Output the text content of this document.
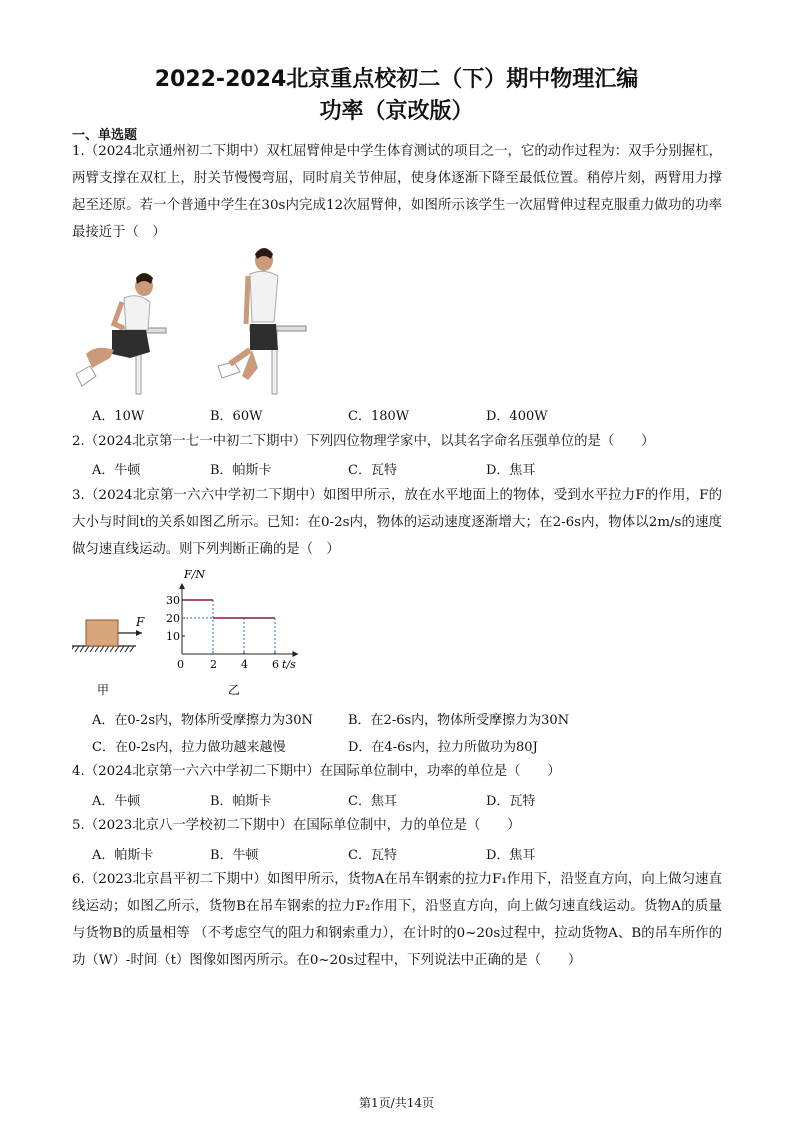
2022-2024北京重点校初二（下）期中物理汇编
功率（京改版）
一、单选题
1.（2024北京通州初二下期中）双杠屈臂伸是中学生体育测试的项目之一，它的动作过程为：双手分别握杠，两臂支撑在双杠上，肘关节慢慢弯屈，同时肩关节伸屈，使身体逐渐下降至最低位置。稍停片刻，两臂用力撑起至还原。若一个普通中学生在30s内完成12次屈臂伸，如图所示该学生一次屈臂伸过程克服重力做功的功率最接近于（　）
A．10W	B．60W	C．180W	D．400W
2.（2024北京第一七一中初二下期中）下列四位物理学家中，以其名字命名压强单位的是（　　）
A．牛顿	B．帕斯卡	C．瓦特	D．焦耳
3.（2024北京第一六六中学初二下期中）如图甲所示，放在水平地面上的物体，受到水平拉力F的作用，F的大小与时间t的关系如图乙所示。已知：在0-2s内，物体的运动速度逐渐增大；在2-6s内，物体以2m/s的速度做匀速直线运动。则下列判断正确的是（　）
F
F/N
t/s
0
30
20
10
2 4 6
甲	乙
A．在0-2s内，物体所受摩擦力为30N	B．在2-6s内，物体所受摩擦力为30N
C．在0-2s内，拉力做功越来越慢	D．在4-6s内，拉力所做功为80J
4.（2024北京第一六六中学初二下期中）在国际单位制中，功率的单位是（　　）
A．牛顿	B．帕斯卡	C．焦耳	D．瓦特
5.（2023北京八一学校初二下期中）在国际单位制中，力的单位是（　　）
A．帕斯卡	B．牛顿	C．瓦特	D．焦耳
6.（2023北京昌平初二下期中）如图甲所示，货物A在吊车钢索的拉力F₁作用下，沿竖直方向，向上做匀速直线运动；如图乙所示，货物B在吊车钢索的拉力F₂作用下，沿竖直方向，向上做匀速直线运动。货物A的质量与货物B的质量相等 （不考虑空气的阻力和钢索重力），在计时的0~20s过程中，拉动货物A、B的吊车所作的功（W）-时间（t）图像如图丙所示。在0~20s过程中，下列说法中正确的是（　　）
第1页/共14页
